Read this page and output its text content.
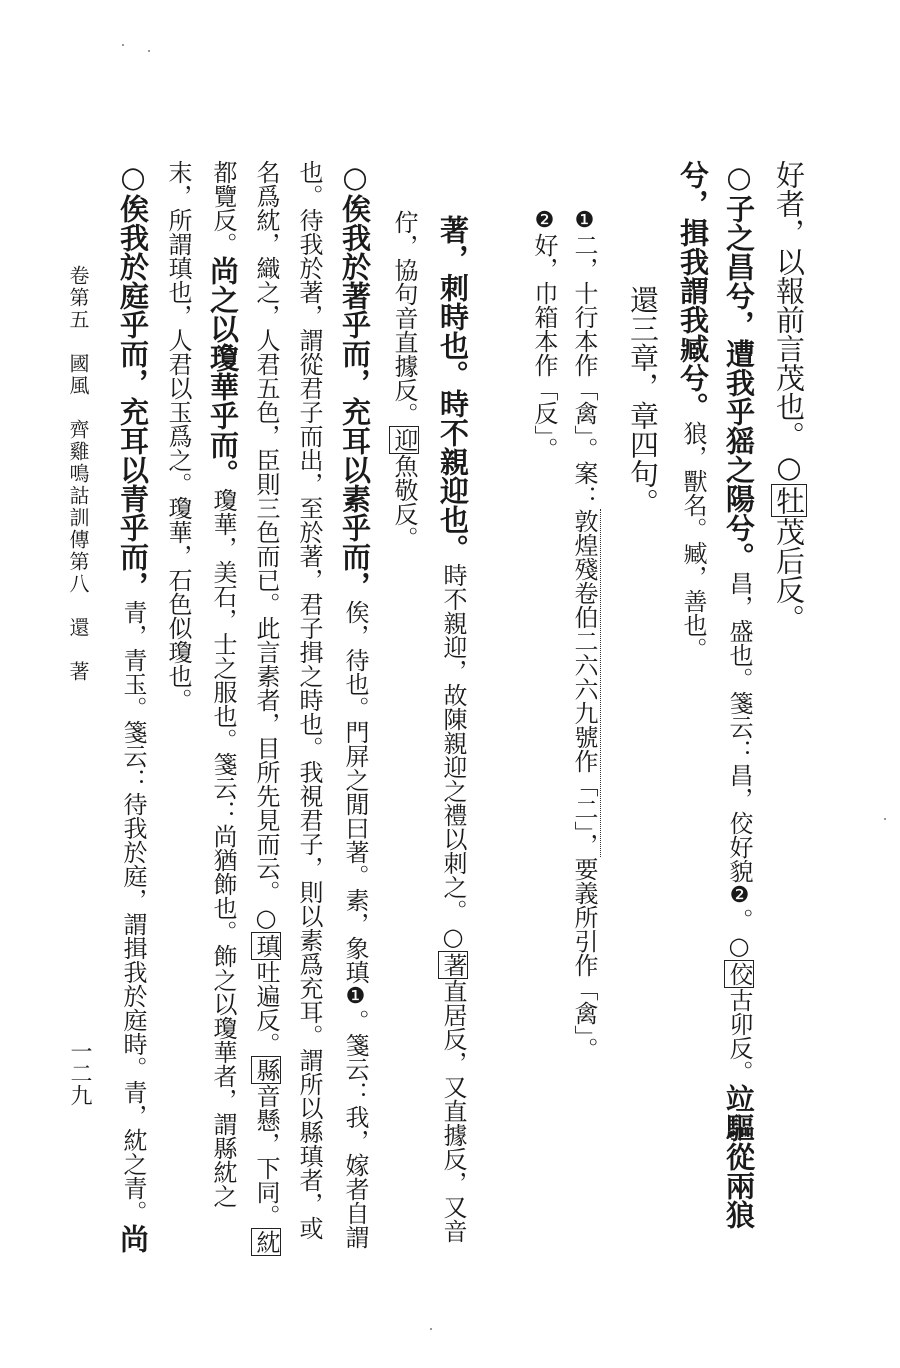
好者，以報前言茂也。○牡茂后反。
○子之昌兮，遭我乎猺之陽兮。昌，盛也。箋云：昌，佼好貌❷。○佼古卯反。竝驅從兩狼
兮，揖我謂我臧兮。狼，獸名。臧，善也。
還三章，章四句。
❶二，十行本作「禽」。案：敦煌殘卷伯二六六九號作「二」，要義所引作「禽」。
❷好，巾箱本作「反」。
佇，協句音直據反。迎魚敬反。 著，刺時也。時不親迎也。時不親迎，故陳親迎之禮以刺之。○著直居反，又直據反，又音
○俟我於著乎而，充耳以素乎而，俟，待也。門屏之閒曰著。素，象瑱❶。箋云：我，嫁者自謂
也。待我於著，謂從君子而出，至於著，君子揖之時也。我視君子，則以素爲充耳。謂所以縣瑱者，或
名爲紞，織之，人君五色，臣則三色而已。此言素者，目所先見而云。○瑱吐遍反。縣音懸，下同。紞
都覽反。尚之以瓊華乎而。瓊華，美石，士之服也。箋云：尚猶飾也。飾之以瓊華者，謂縣紞之
末，所謂瑱也，人君以玉爲之。瓊華，石色似瓊也。
○俟我於庭乎而，充耳以青乎而，青，青玉。箋云：待我於庭，謂揖我於庭時。青，紞之青。尚
卷第五　國風　齊雞鳴詁訓傳第八　還　著
一二九
